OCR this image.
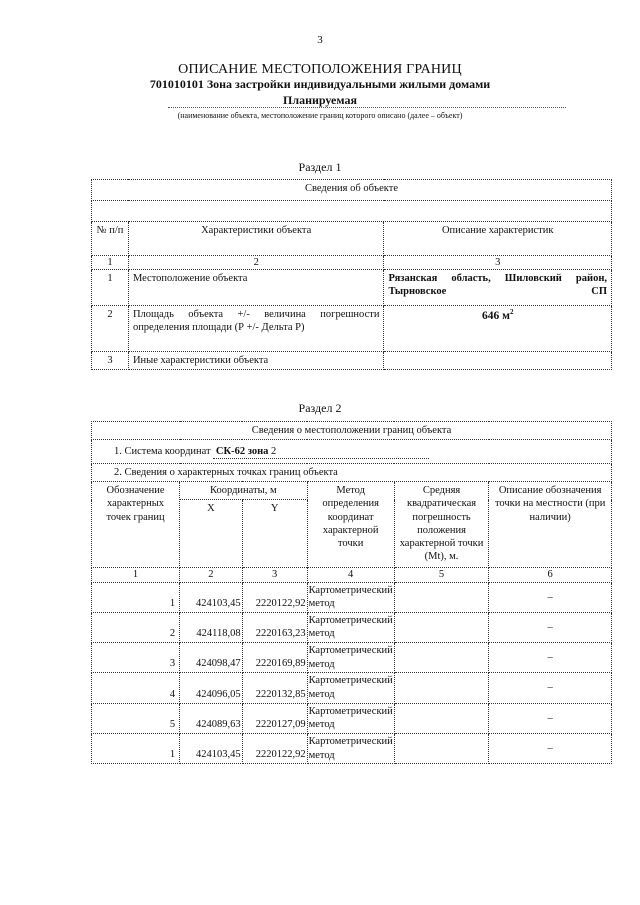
3
ОПИСАНИЕ МЕСТОПОЛОЖЕНИЯ ГРАНИЦ
701010101 Зона застройки индивидуальными жилыми домами
Планируемая
(наименование объекта, местоположение границ которого описано (далее – объект)
Раздел 1
Сведения об объекте		

№ п/п	Характеристики объекта	Описание характеристик
1	2	3
1	Местоположение объекта	Рязанская область, Шиловский район, Тырновское СП
2	Площадь объекта +/- величина погрешности определения площади (Р +/- Дельта Р)	646 $м^2$
3	Иные характеристики объекта	
Раздел 2
Сведения о местоположении границ объекта					
1. Система координат СК-62 зона 2					
2. Сведения о характерных точках границ объекта					
Обозначение характерных точек границ	Координаты, м		Метод определения координат характерной точки	Средняя квадратическая погрешность положения характерной точки (Мt), м.	Описание обозначения точки на местности (при наличии)
	X	Y			
1	2	3	4	5	6
1	424103,45	2220122,92	Картометрический метод		–
2	424118,08	2220163,23	Картометрический метод		–
3	424098,47	2220169,89	Картометрический метод		–
4	424096,05	2220132,85	Картометрический метод		–
5	424089,63	2220127,09	Картометрический метод		–
1	424103,45	2220122,92	Картометрический метод		–
